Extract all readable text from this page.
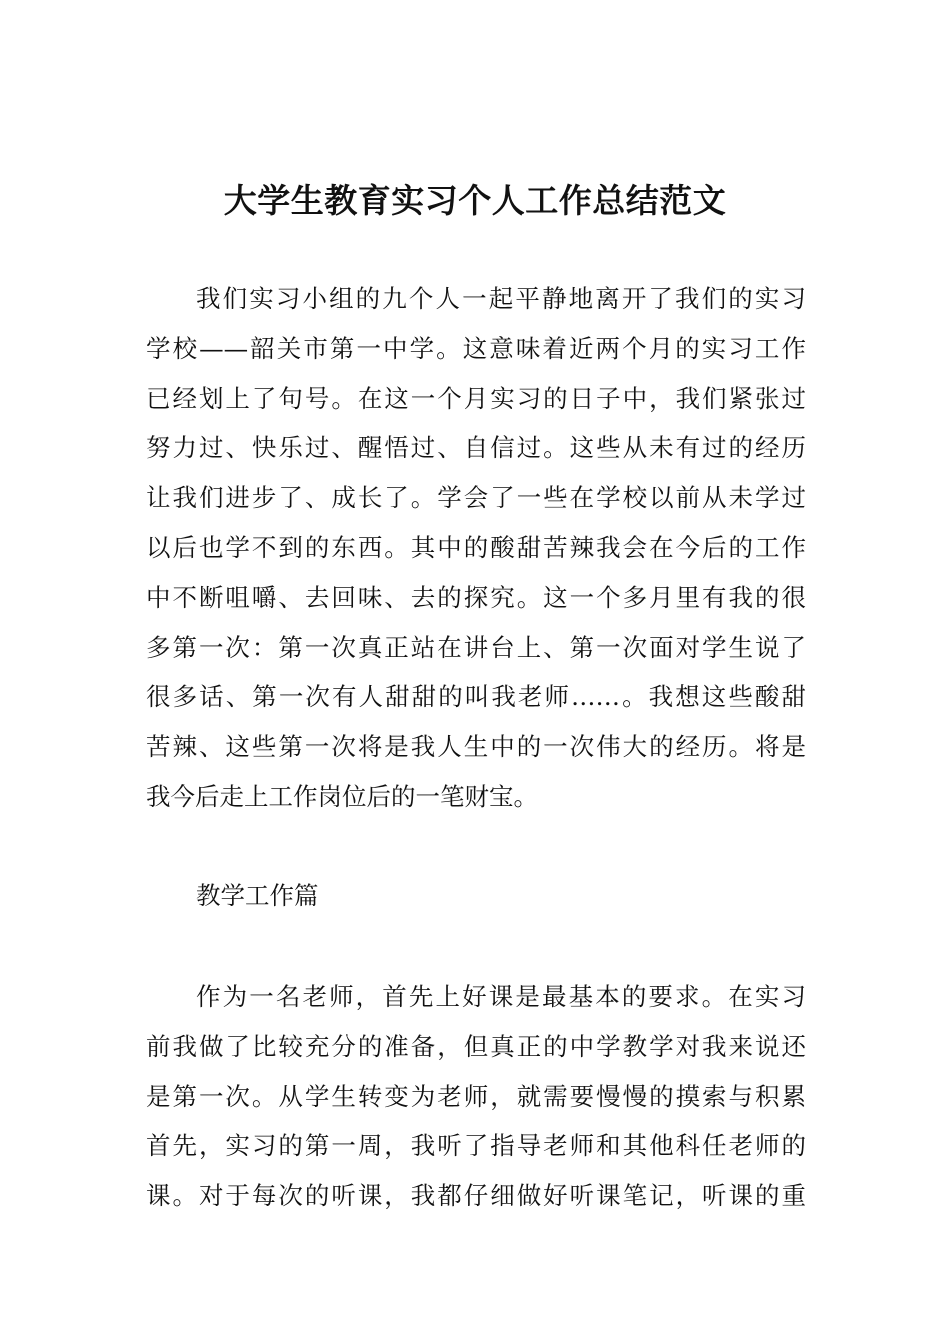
大学生教育实习个人工作总结范文
我们实习小组的九个人一起平静地离开了我们的实习
学校——韶关市第一中学。这意味着近两个月的实习工作
已经划上了句号。在这一个月实习的日子中，我们紧张过
努力过、快乐过、醒悟过、自信过。这些从未有过的经历
让我们进步了、成长了。学会了一些在学校以前从未学过
以后也学不到的东西。其中的酸甜苦辣我会在今后的工作
中不断咀嚼、去回味、去的探究。这一个多月里有我的很
多第一次：第一次真正站在讲台上、第一次面对学生说了
很多话、第一次有人甜甜的叫我老师……。我想这些酸甜
苦辣、这些第一次将是我人生中的一次伟大的经历。将是
我今后走上工作岗位后的一笔财宝。

教学工作篇

作为一名老师，首先上好课是最基本的要求。在实习
前我做了比较充分的准备，但真正的中学教学对我来说还
是第一次。从学生转变为老师，就需要慢慢的摸索与积累
首先，实习的第一周，我听了指导老师和其他科任老师的
课。对于每次的听课，我都仔细做好听课笔记，听课的重
